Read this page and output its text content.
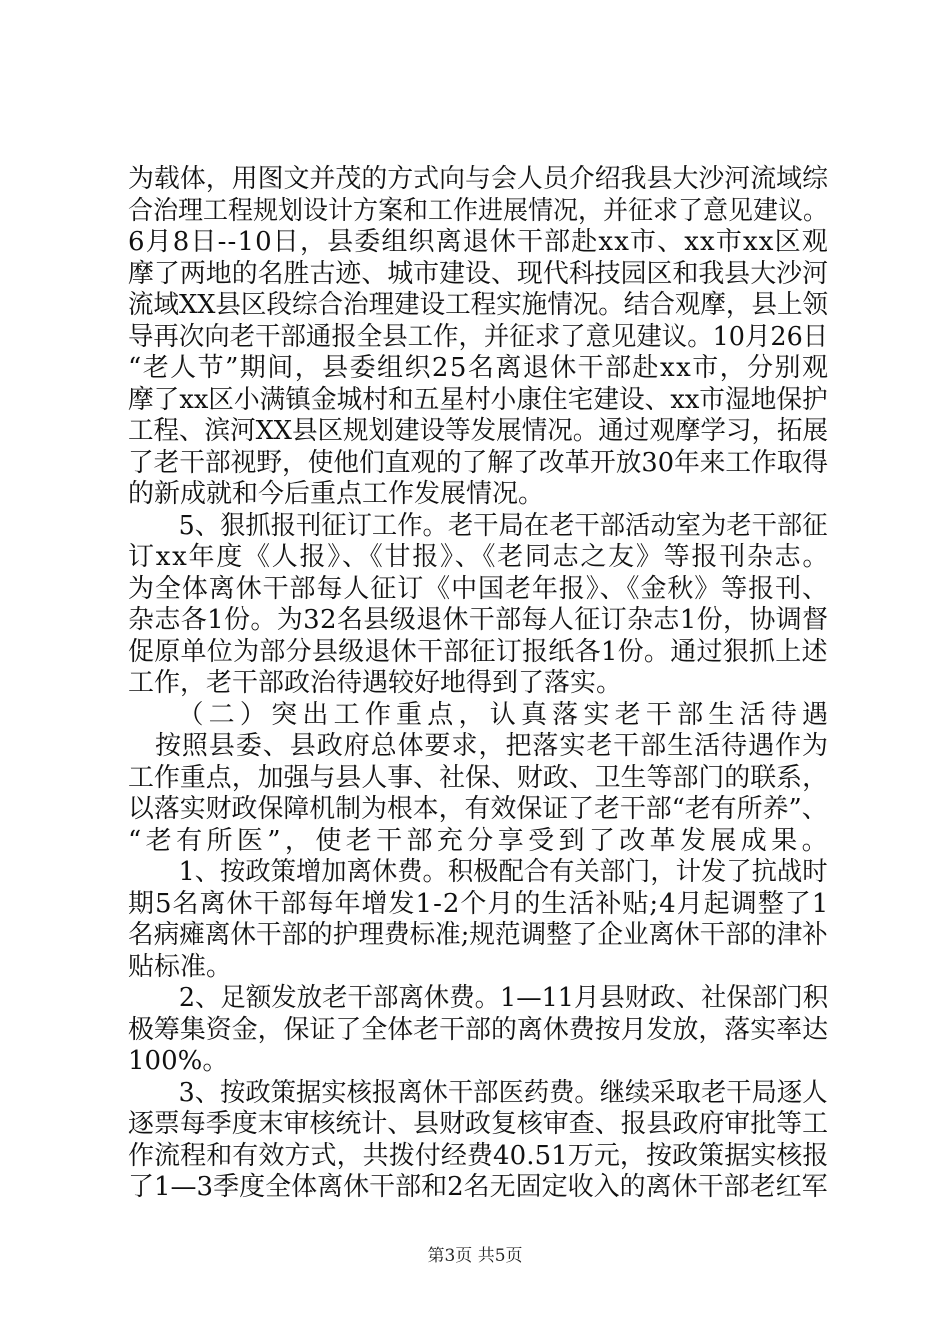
为载体，用图文并茂的方式向与会人员介绍我县大沙河流域综
合治理工程规划设计方案和工作进展情况，并征求了意见建议。
6月8日--10日，县委组织离退休干部赴xx市、xx市xx区观
摩了两地的名胜古迹、城市建设、现代科技园区和我县大沙河
流域XX县区段综合治理建设工程实施情况。结合观摩，县上领
导再次向老干部通报全县工作，并征求了意见建议。10月26日
“老人节”期间，县委组织25名离退休干部赴xx市，分别观
摩了xx区小满镇金城村和五星村小康住宅建设、xx市湿地保护
工程、滨河XX县区规划建设等发展情况。通过观摩学习，拓展
了老干部视野，使他们直观的了解了改革开放30年来工作取得
的新成就和今后重点工作发展情况。
　　5、狠抓报刊征订工作。老干局在老干部活动室为老干部征
订xx年度《人报》、《甘报》、《老同志之友》等报刊杂志。
为全体离休干部每人征订《中国老年报》、《金秋》等报刊、
杂志各1份。为32名县级退休干部每人征订杂志1份，协调督
促原单位为部分县级退休干部征订报纸各1份。通过狠抓上述
工作，老干部政治待遇较好地得到了落实。
　　（二）突出工作重点，认真落实老干部生活待遇
　按照县委、县政府总体要求，把落实老干部生活待遇作为
工作重点，加强与县人事、社保、财政、卫生等部门的联系，
以落实财政保障机制为根本，有效保证了老干部“老有所养”、
“老有所医”，使老干部充分享受到了改革发展成果。
　　1、按政策增加离休费。积极配合有关部门，计发了抗战时
期5名离休干部每年增发1-2个月的生活补贴;4月起调整了1
名病瘫离休干部的护理费标准;规范调整了企业离休干部的津补
贴标准。
　　2、足额发放老干部离休费。1—11月县财政、社保部门积
极筹集资金，保证了全体老干部的离休费按月发放，落实率达
100%。
　　3、按政策据实核报离休干部医药费。继续采取老干局逐人
逐票每季度末审核统计、县财政复核审查、报县政府审批等工
作流程和有效方式，共拨付经费40.51万元，按政策据实核报
了1—3季度全体离休干部和2名无固定收入的离休干部老红军
第3页 共5页
